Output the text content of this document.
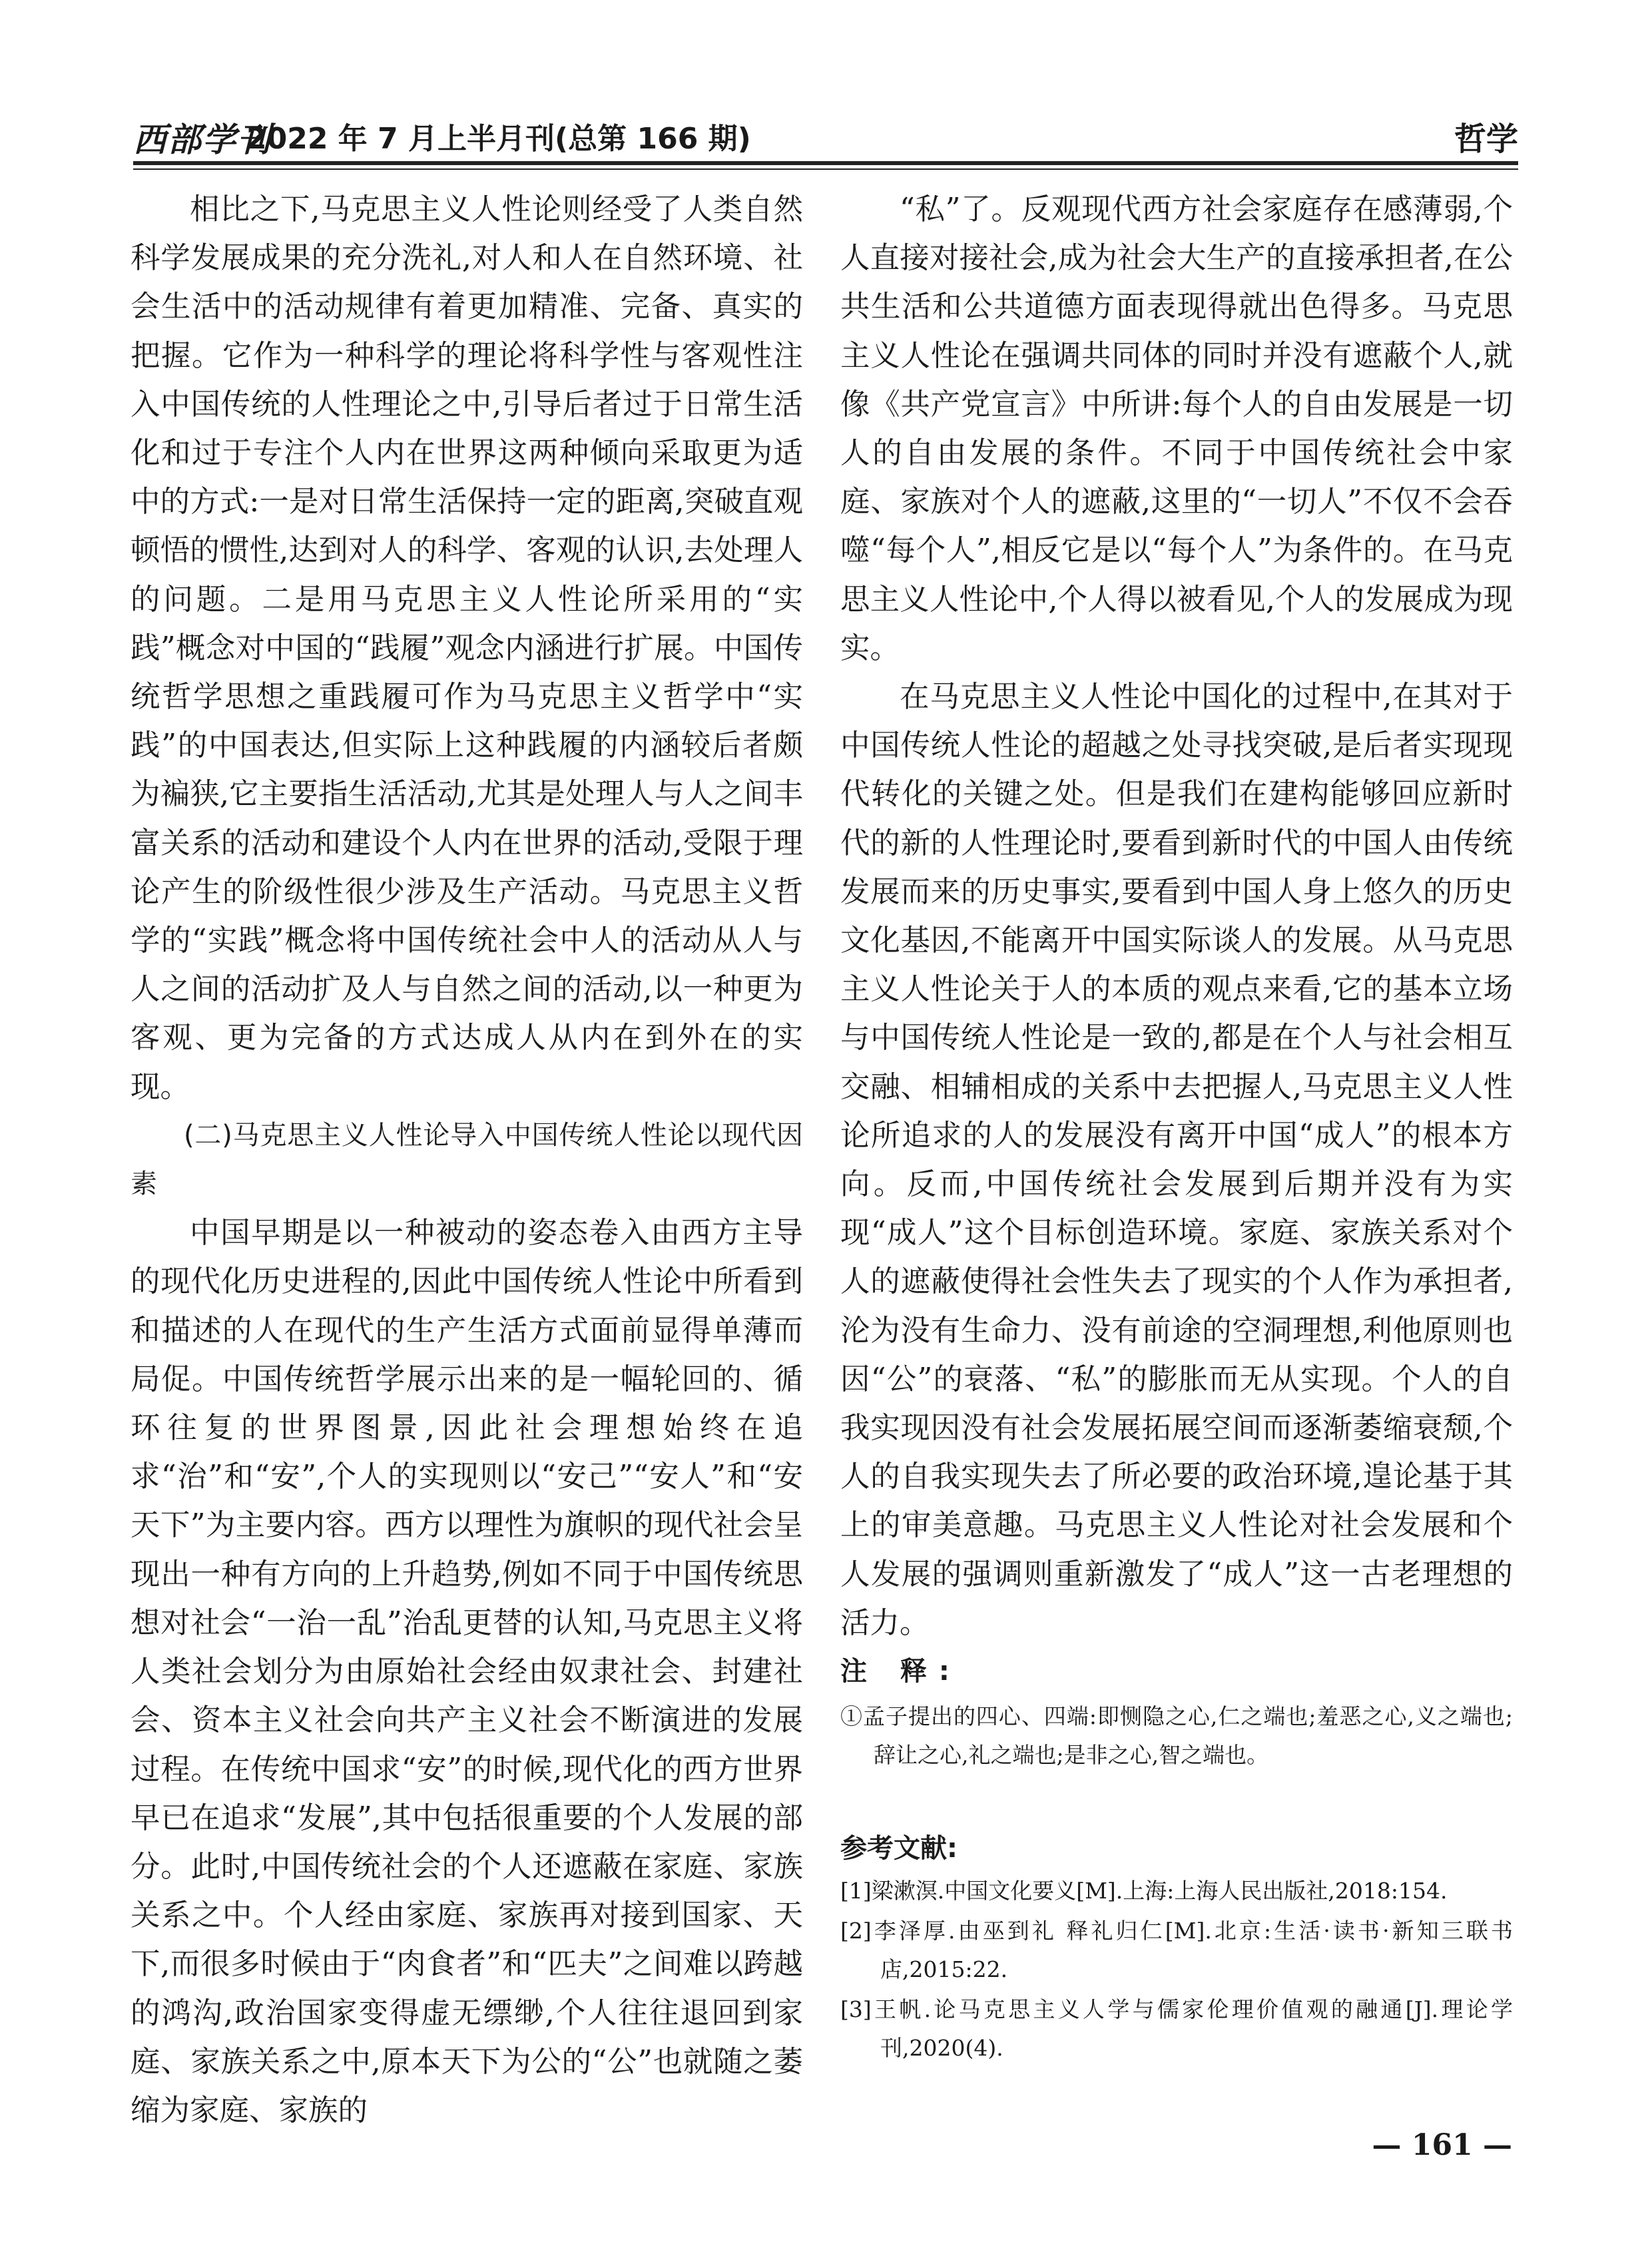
西部学刊
2022 年 7 月上半月刊(总第 166 期)	哲学

相比之下,马克思主义人性论则经受了人类自然科学发展成果的充分洗礼,对人和人在自然环境、社会生活中的活动规律有着更加精准、完备、真实的把握。它作为一种科学的理论将科学性与客观性注入中国传统的人性理论之中,引导后者过于日常生活化和过于专注个人内在世界这两种倾向采取更为适中的方式:一是对日常生活保持一定的距离,突破直观顿悟的惯性,达到对人的科学、客观的认识,去处理人的问题。二是用马克思主义人性论所采用的“实践”概念对中国的“践履”观念内涵进行扩展。中国传统哲学思想之重践履可作为马克思主义哲学中“实践”的中国表达,但实际上这种践履的内涵较后者颇为褊狭,它主要指生活活动,尤其是处理人与人之间丰富关系的活动和建设个人内在世界的活动,受限于理论产生的阶级性很少涉及生产活动。马克思主义哲学的“实践”概念将中国传统社会中人的活动从人与人之间的活动扩及人与自然之间的活动,以一种更为客观、更为完备的方式达成人从内在到外在的实现。

(二)马克思主义人性论导入中国传统人性论以现代因素

中国早期是以一种被动的姿态卷入由西方主导的现代化历史进程的,因此中国传统人性论中所看到和描述的人在现代的生产生活方式面前显得单薄而局促。中国传统哲学展示出来的是一幅轮回的、循环往复的世界图景,因此社会理想始终在追求“治”和“安”,个人的实现则以“安己”“安人”和“安天下”为主要内容。西方以理性为旗帜的现代社会呈现出一种有方向的上升趋势,例如不同于中国传统思想对社会“一治一乱”治乱更替的认知,马克思主义将人类社会划分为由原始社会经由奴隶社会、封建社会、资本主义社会向共产主义社会不断演进的发展过程。在传统中国求“安”的时候,现代化的西方世界早已在追求“发展”,其中包括很重要的个人发展的部分。此时,中国传统社会的个人还遮蔽在家庭、家族关系之中。个人经由家庭、家族再对接到国家、天下,而很多时候由于“肉食者”和“匹夫”之间难以跨越的鸿沟,政治国家变得虚无缥缈,个人往往退回到家庭、家族关系之中,原本天下为公的“公”也就随之萎缩为家庭、家族的

“私”了。反观现代西方社会家庭存在感薄弱,个人直接对接社会,成为社会大生产的直接承担者,在公共生活和公共道德方面表现得就出色得多。马克思主义人性论在强调共同体的同时并没有遮蔽个人,就像《共产党宣言》中所讲:每个人的自由发展是一切人的自由发展的条件。不同于中国传统社会中家庭、家族对个人的遮蔽,这里的“一切人”不仅不会吞噬“每个人”,相反它是以“每个人”为条件的。在马克思主义人性论中,个人得以被看见,个人的发展成为现实。

在马克思主义人性论中国化的过程中,在其对于中国传统人性论的超越之处寻找突破,是后者实现现代转化的关键之处。但是我们在建构能够回应新时代的新的人性理论时,要看到新时代的中国人由传统发展而来的历史事实,要看到中国人身上悠久的历史文化基因,不能离开中国实际谈人的发展。从马克思主义人性论关于人的本质的观点来看,它的基本立场与中国传统人性论是一致的,都是在个人与社会相互交融、相辅相成的关系中去把握人,马克思主义人性论所追求的人的发展没有离开中国“成人”的根本方向。反而,中国传统社会发展到后期并没有为实现“成人”这个目标创造环境。家庭、家族关系对个人的遮蔽使得社会性失去了现实的个人作为承担者,沦为没有生命力、没有前途的空洞理想,利他原则也因“公”的衰落、“私”的膨胀而无从实现。个人的自我实现因没有社会发展拓展空间而逐渐萎缩衰颓,个人的自我实现失去了所必要的政治环境,遑论基于其上的审美意趣。马克思主义人性论对社会发展和个人发展的强调则重新激发了“成人”这一古老理想的活力。

注 释:

①孟子提出的四心、四端:即恻隐之心,仁之端也;羞恶之心,义之端也;辞让之心,礼之端也;是非之心,智之端也。

参考文献:

[1]梁漱溟.中国文化要义[M].上海:上海人民出版社,2018:154.

[2]李泽厚.由巫到礼 释礼归仁[M].北京:生活·读书·新知三联书店,2015:22.

[3]王帆.论马克思主义人学与儒家伦理价值观的融通[J].理论学刊,2020(4).

— 161 —
